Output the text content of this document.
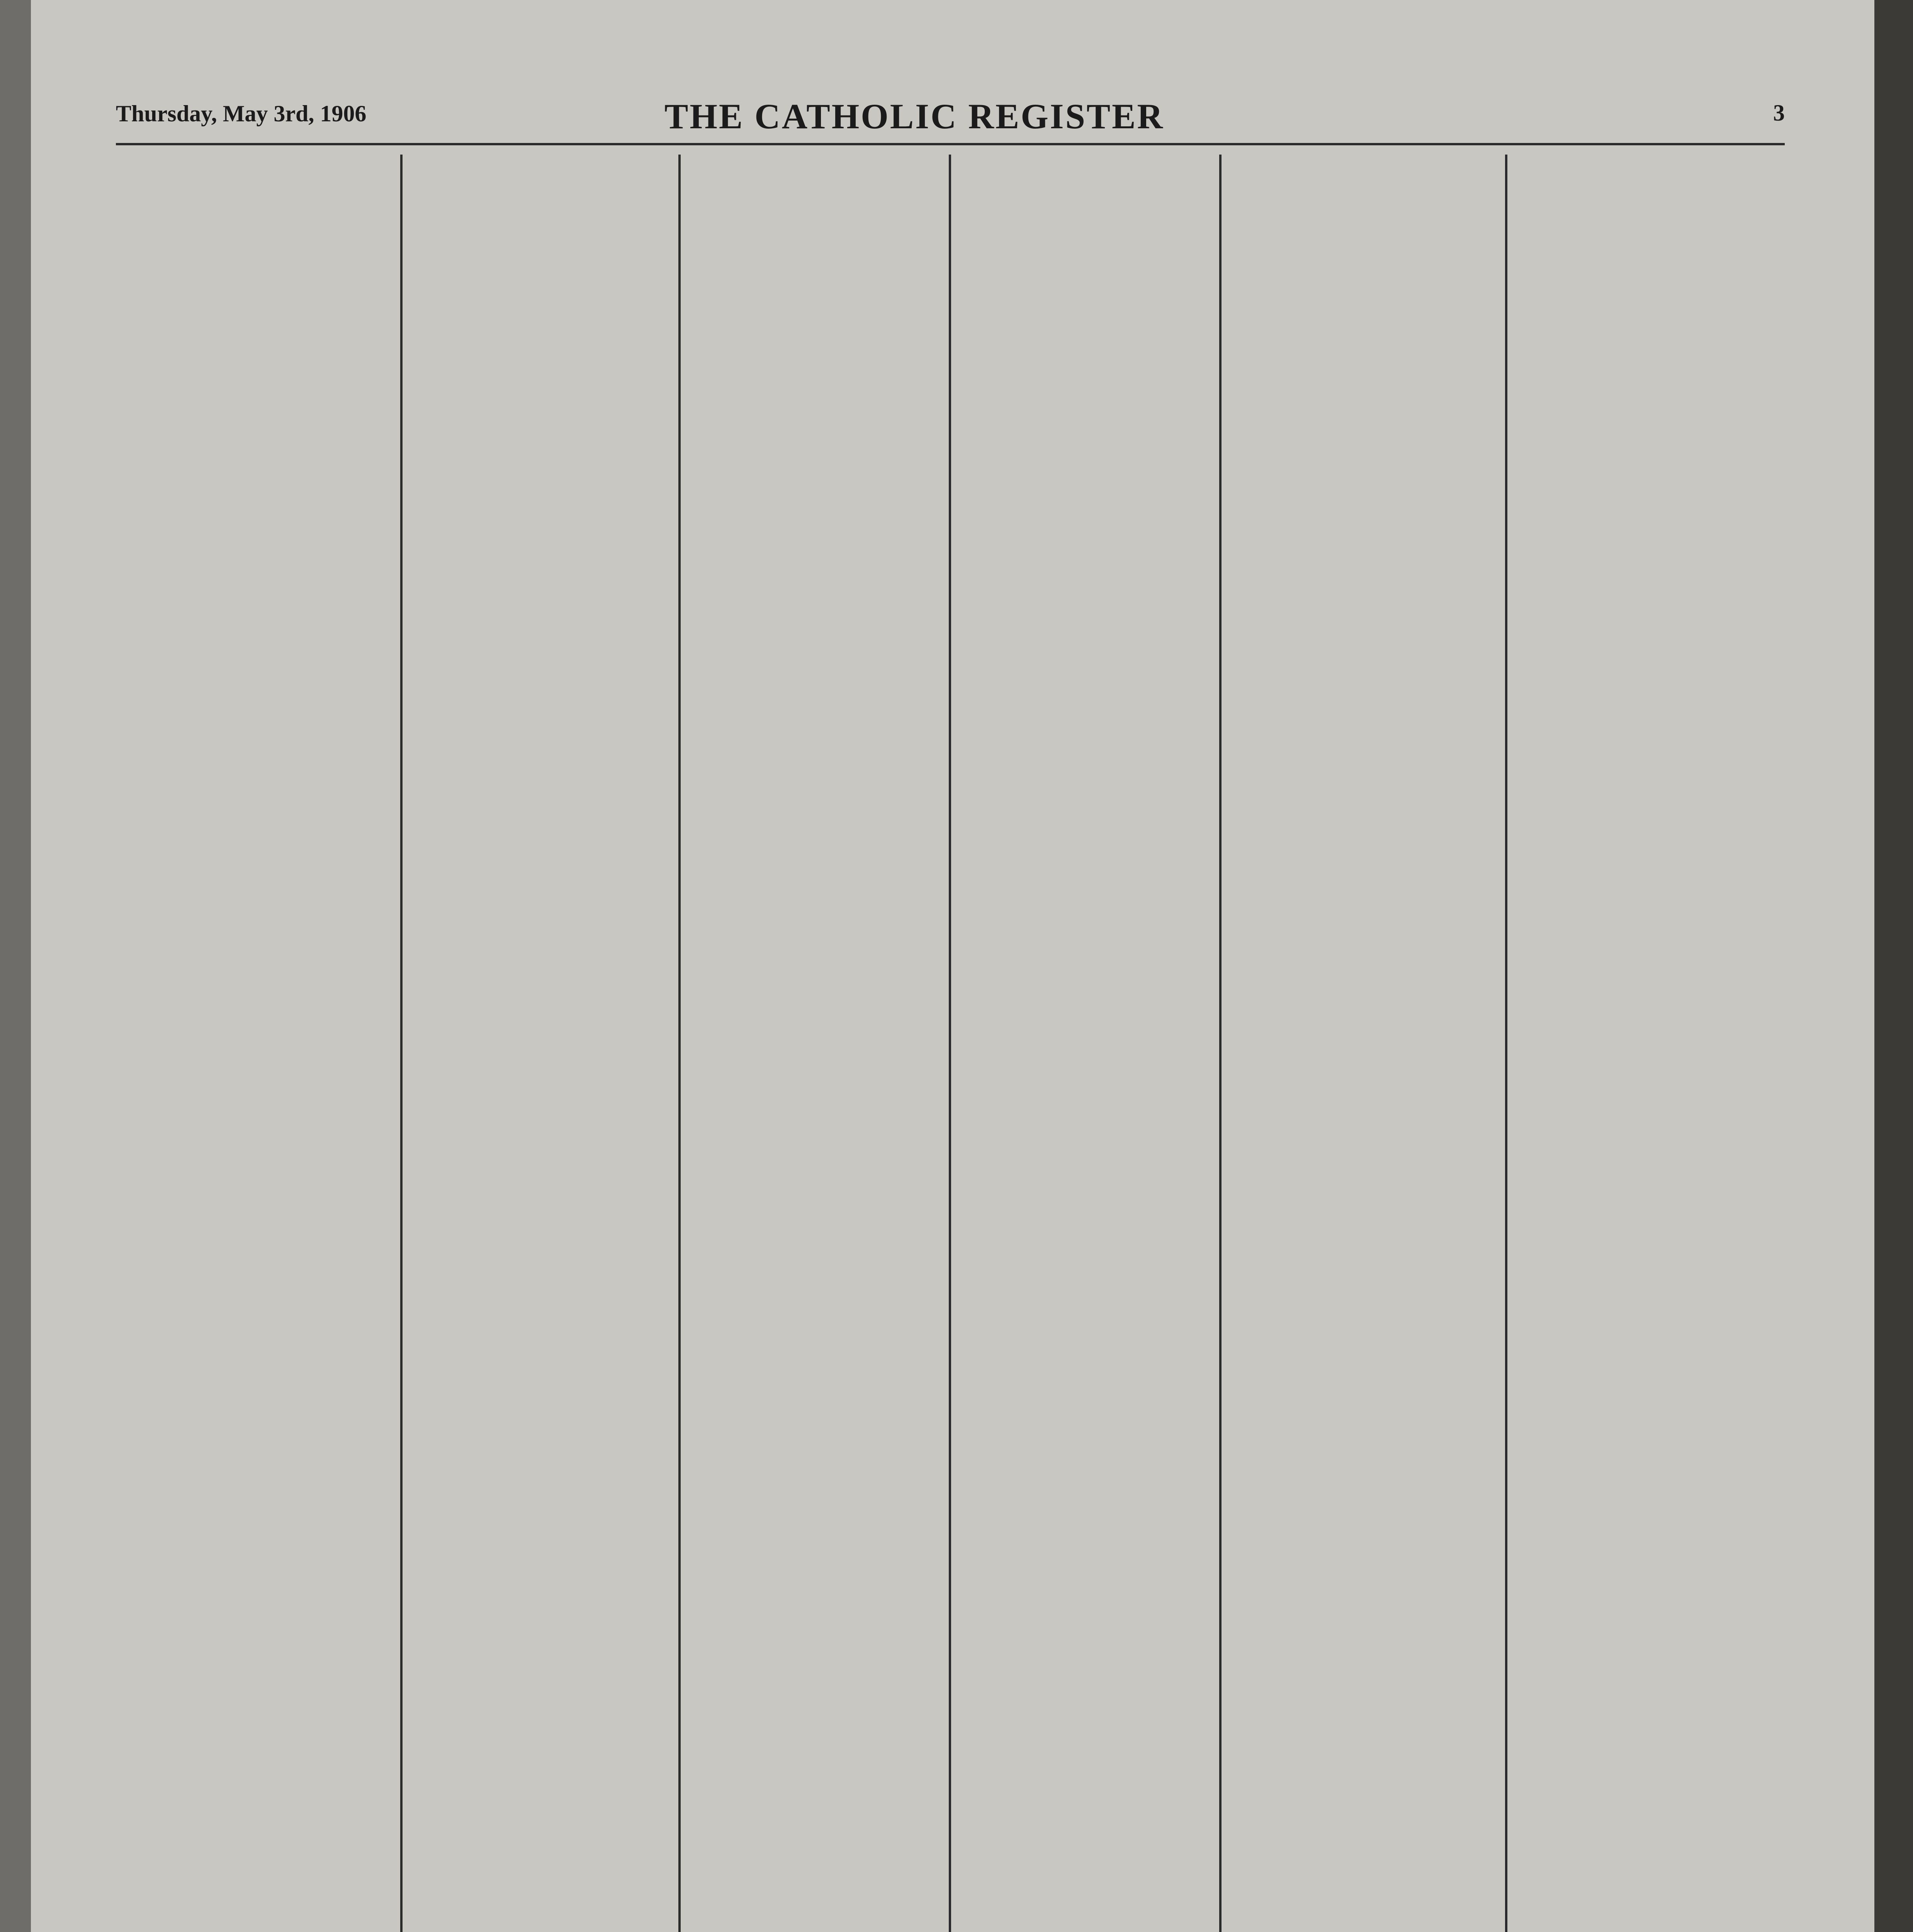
Thursday, May 3rd, 1906	THE CATHOLIC REGISTER	3
